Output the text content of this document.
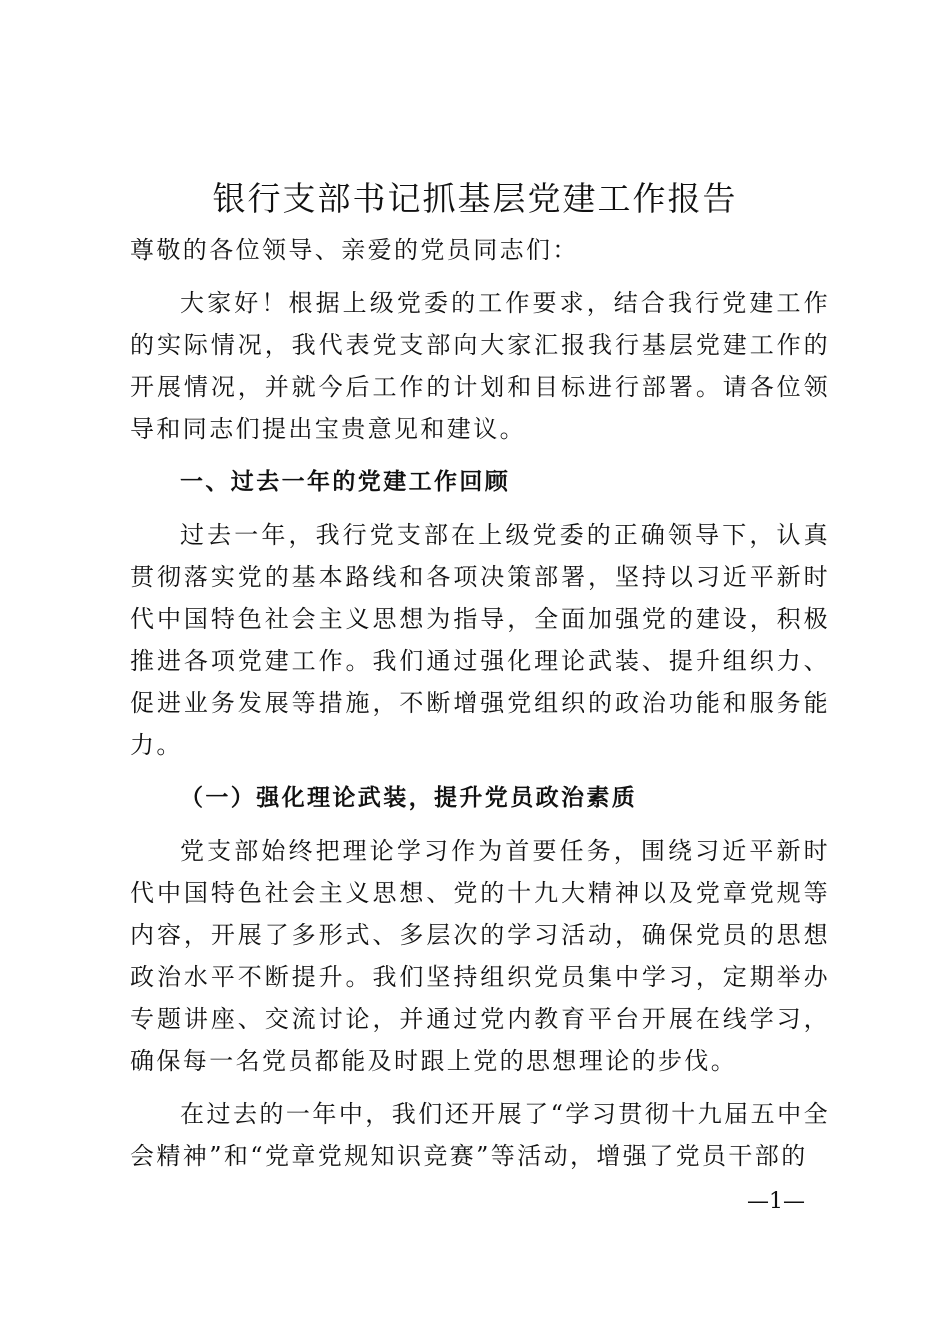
银行支部书记抓基层党建工作报告

尊敬的各位领导、亲爱的党员同志们：

大家好！根据上级党委的工作要求，结合我行党建工作的实际情况，我代表党支部向大家汇报我行基层党建工作的开展情况，并就今后工作的计划和目标进行部署。请各位领导和同志们提出宝贵意见和建议。

一、过去一年的党建工作回顾

过去一年，我行党支部在上级党委的正确领导下，认真贯彻落实党的基本路线和各项决策部署，坚持以习近平新时代中国特色社会主义思想为指导，全面加强党的建设，积极推进各项党建工作。我们通过强化理论武装、提升组织力、促进业务发展等措施，不断增强党组织的政治功能和服务能力。

（一）强化理论武装，提升党员政治素质

党支部始终把理论学习作为首要任务，围绕习近平新时代中国特色社会主义思想、党的十九大精神以及党章党规等内容，开展了多形式、多层次的学习活动，确保党员的思想政治水平不断提升。我们坚持组织党员集中学习，定期举办专题讲座、交流讨论，并通过党内教育平台开展在线学习，确保每一名党员都能及时跟上党的思想理论的步伐。

在过去的一年中，我们还开展了“学习贯彻十九届五中全会精神”和“党章党规知识竞赛”等活动，增强了党员干部的

—1—
